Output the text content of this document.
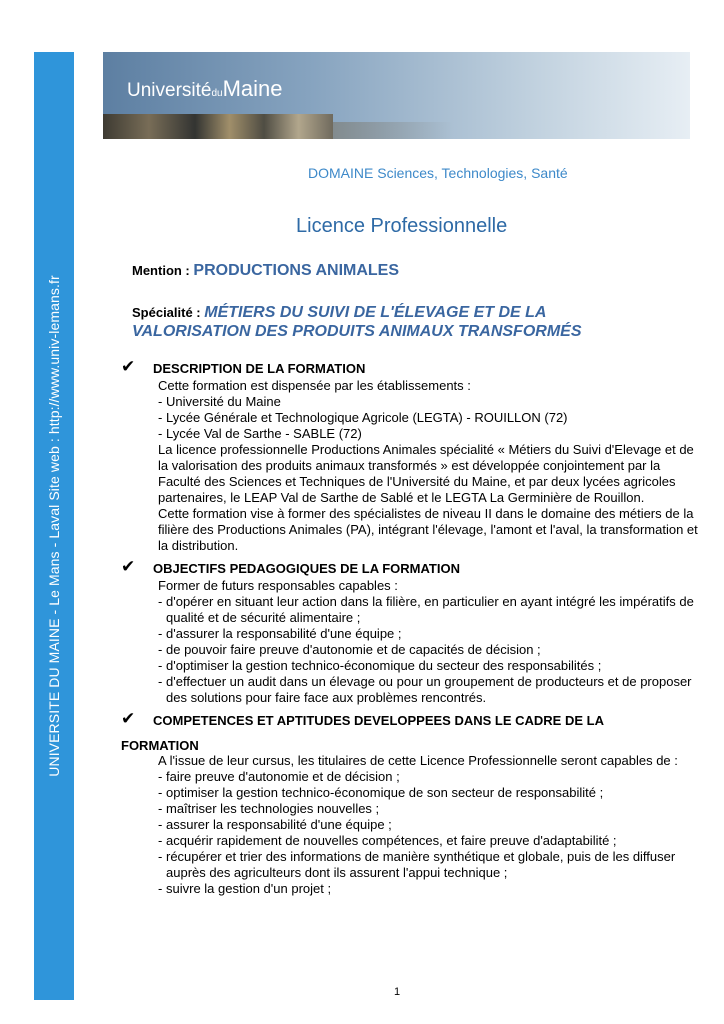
UNIVERSITE DU MAINE - Le Mans - Laval Site web : http://www.univ-lemans.fr
UniversitéduMaine
DOMAINE Sciences, Technologies, Santé
Licence Professionnelle
Mention : PRODUCTIONS ANIMALES
Spécialité : MÉTIERS DU SUIVI DE L'ÉLEVAGE ET DE LA VALORISATION DES PRODUITS ANIMAUX TRANSFORMÉS
✔ DESCRIPTION DE LA FORMATION

Cette formation est dispensée par les établissements :

- Université du Maine
- Lycée Générale et Technologique Agricole (LEGTA) - ROUILLON (72)
- Lycée Val de Sarthe - SABLE (72)

La licence professionnelle Productions Animales spécialité « Métiers du Suivi d'Elevage et de la valorisation des produits animaux transformés » est développée conjointement par la Faculté des Sciences et Techniques de l'Université du Maine, et par deux lycées agricoles partenaires, le LEAP Val de Sarthe de Sablé et le LEGTA La Germinière de Rouillon.

Cette formation vise à former des spécialistes de niveau II dans le domaine des métiers de la filière des Productions Animales (PA), intégrant l'élevage, l'amont et l'aval, la transformation et la distribution.

✔ OBJECTIFS PEDAGOGIQUES DE LA FORMATION

Former de futurs responsables capables :

- d'opérer en situant leur action dans la filière, en particulier en ayant intégré les impératifs de qualité et de sécurité alimentaire ;
- d'assurer la responsabilité d'une équipe ;
- de pouvoir faire preuve d'autonomie et de capacités de décision ;
- d'optimiser la gestion technico-économique du secteur des responsabilités ;
- d'effectuer un audit dans un élevage ou pour un groupement de producteurs et de proposer des solutions pour faire face aux problèmes rencontrés.
✔ COMPETENCES ET APTITUDES DEVELOPPEES DANS LE CADRE DE LA
FORMATION

A l'issue de leur cursus, les titulaires de cette Licence Professionnelle seront capables de :

- faire preuve d'autonomie et de décision ;
- optimiser la gestion technico-économique de son secteur de responsabilité ;
- maîtriser les technologies nouvelles ;
- assurer la responsabilité d'une équipe ;
- acquérir rapidement de nouvelles compétences, et faire preuve d'adaptabilité ;
- récupérer et trier des informations de manière synthétique et globale, puis de les diffuser auprès des agriculteurs dont ils assurent l'appui technique ;
- suivre la gestion d'un projet ;
1
